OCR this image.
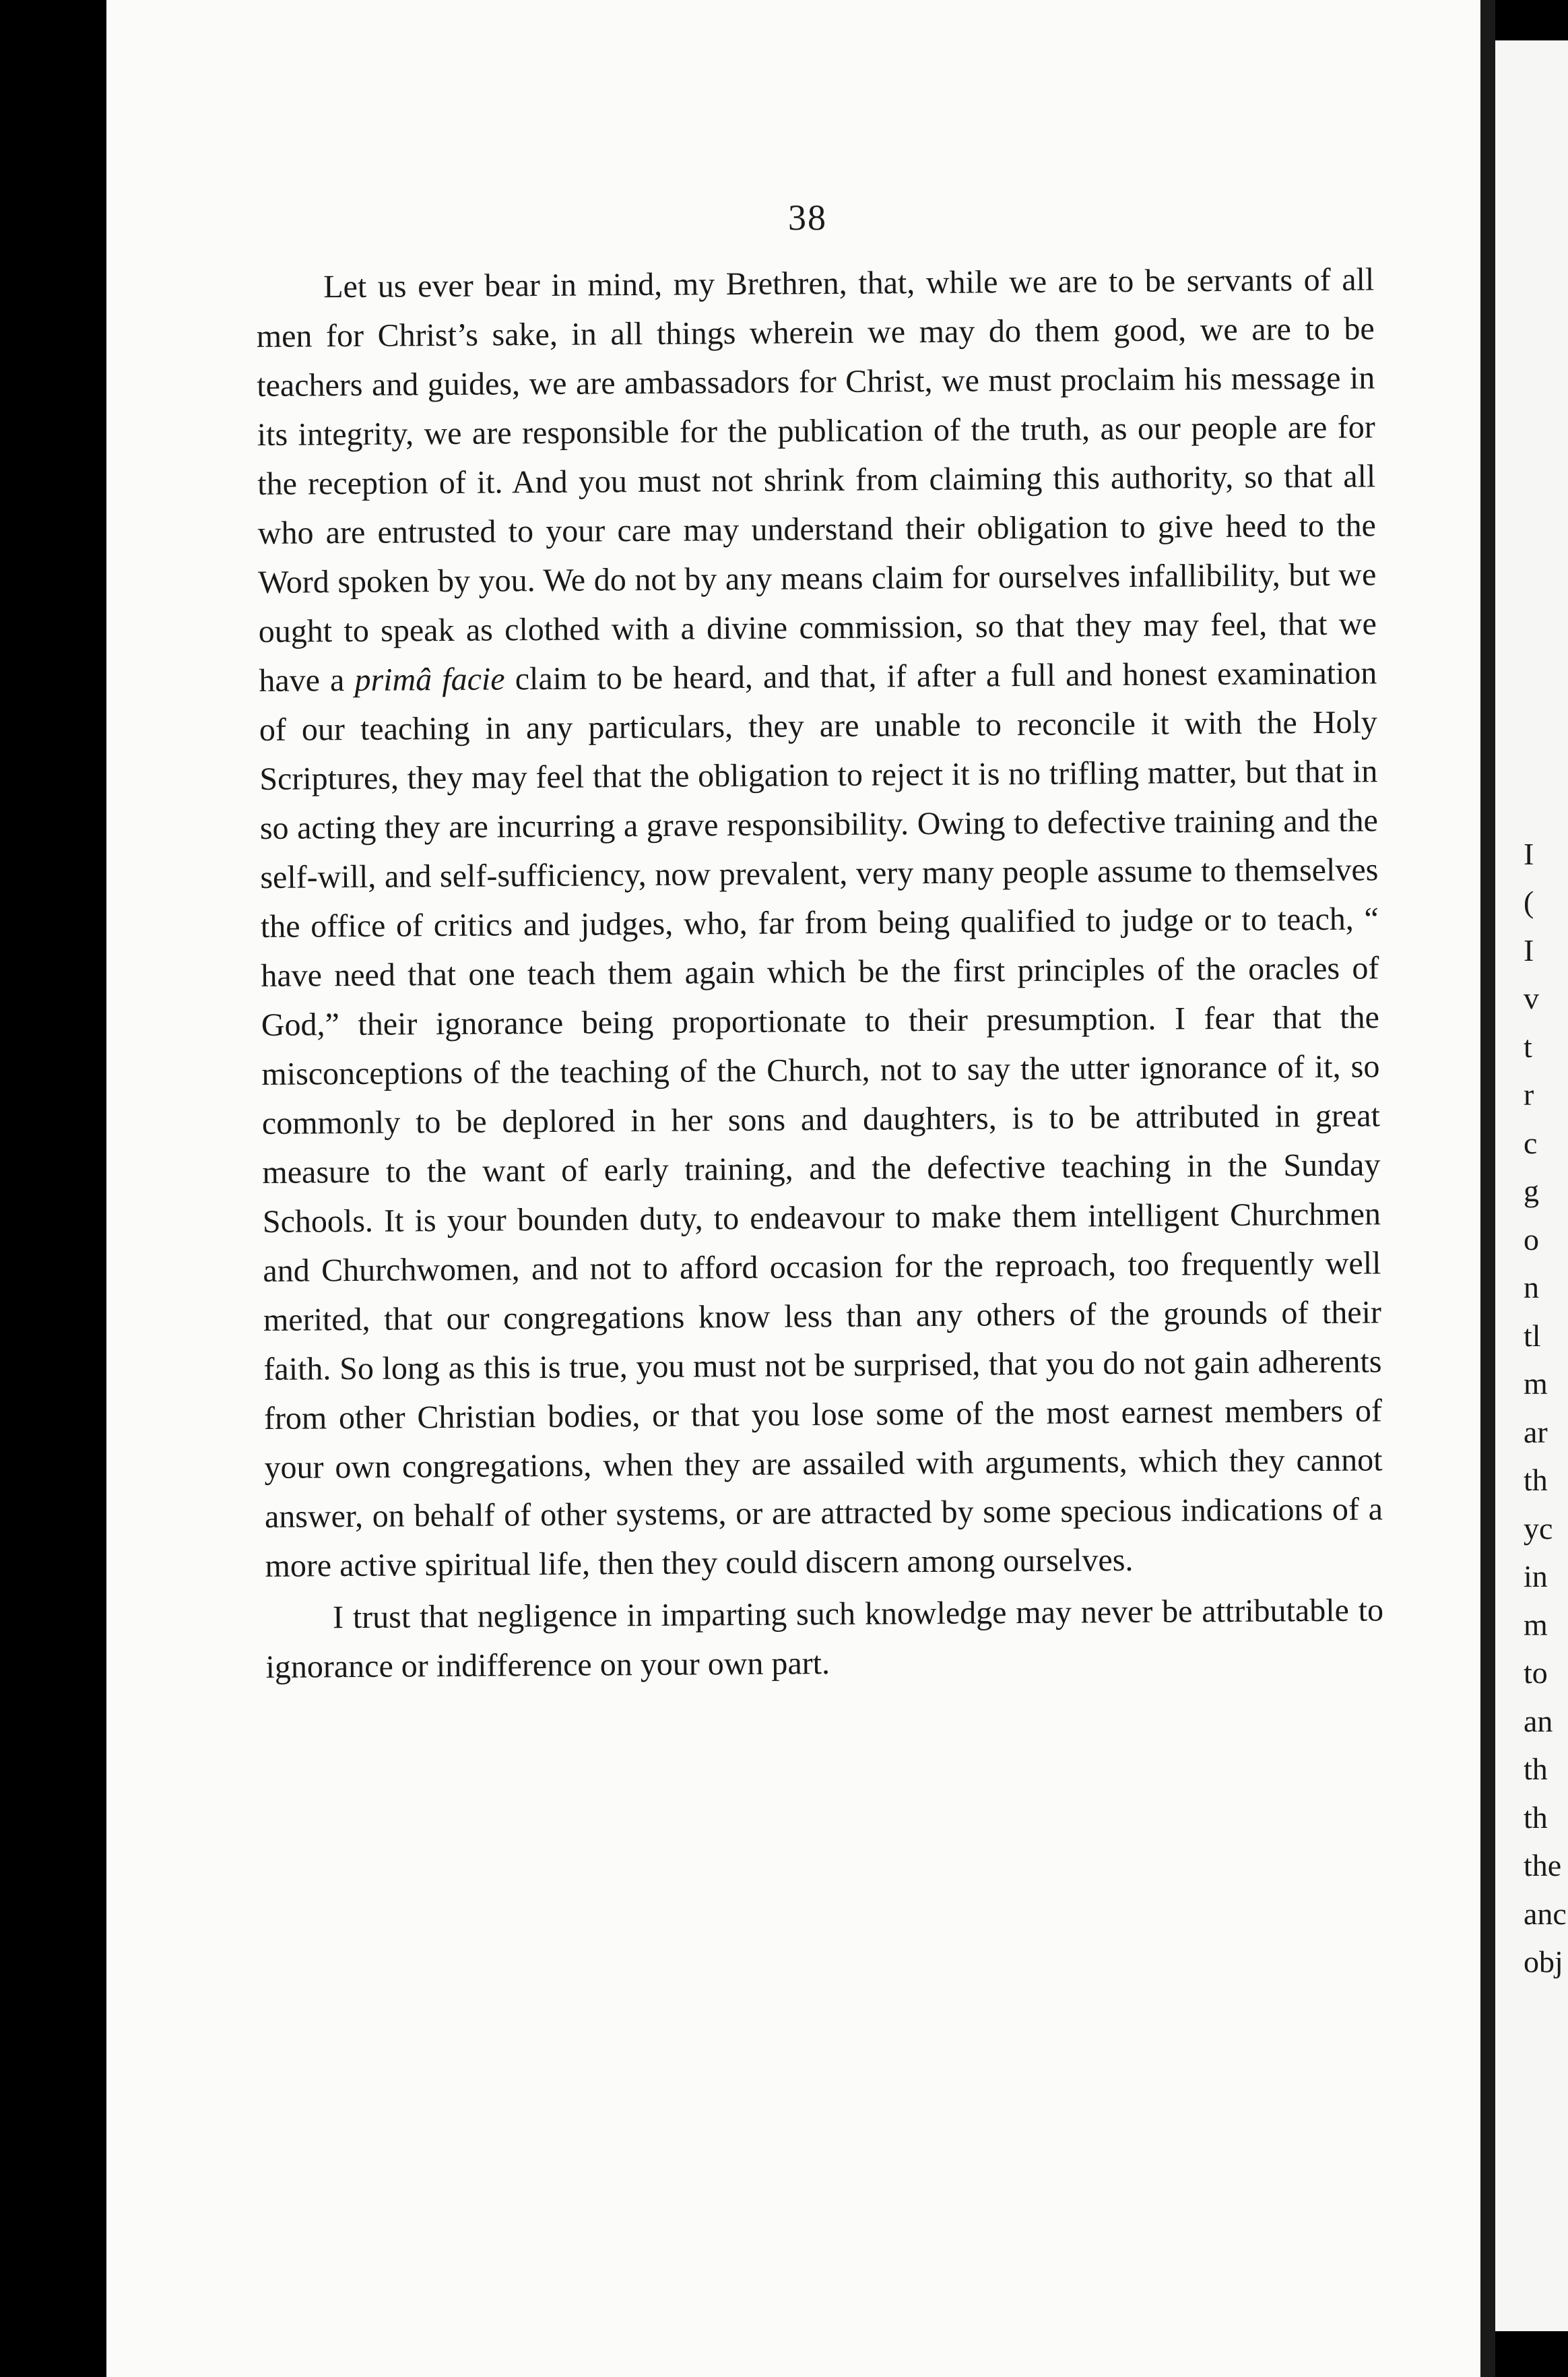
38

Let us ever bear in mind, my Brethren, that, while we are to be servants of all men for Christ’s sake, in all things wherein we may do them good, we are to be teachers and guides, we are ambassadors for Christ, we must proclaim his message in its integrity, we are responsible for the publication of the truth, as our people are for the reception of it. And you must not shrink from claiming this authority, so that all who are entrusted to your care may understand their obligation to give heed to the Word spoken by you. We do not by any means claim for ourselves infallibility, but we ought to speak as clothed with a divine commission, so that they may feel, that we have a primâ facie claim to be heard, and that, if after a full and honest examination of our teaching in any particulars, they are unable to reconcile it with the Holy Scriptures, they may feel that the obligation to reject it is no trifling matter, but that in so acting they are incurring a grave responsibility. Owing to defective training and the self-will, and self-sufficiency, now prevalent, very many people assume to themselves the office of critics and judges, who, far from being qualified to judge or to teach, “ have need that one teach them again which be the first principles of the oracles of God,” their ignorance being proportionate to their presumption. I fear that the misconceptions of the teaching of the Church, not to say the utter ignorance of it, so commonly to be deplored in her sons and daughters, is to be attributed in great measure to the want of early training, and the defective teaching in the Sunday Schools. It is your bounden duty, to endeavour to make them intelligent Churchmen and Churchwomen, and not to afford occasion for the reproach, too frequently well merited, that our congregations know less than any others of the grounds of their faith. So long as this is true, you must not be surprised, that you do not gain adherents from other Christian bodies, or that you lose some of the most earnest members of your own congregations, when they are assailed with arguments, which they cannot answer, on behalf of other systems, or are attracted by some specious indications of a more active spiritual life, then they could discern among ourselves.

I trust that negligence in imparting such knowledge may never be attributable to ignorance or indifference on your own part.

I
(
I
v
t
r
c
g
o
n
tl
m
ar
th
yc
in
m
to
an
th
th
the
anc
obj
